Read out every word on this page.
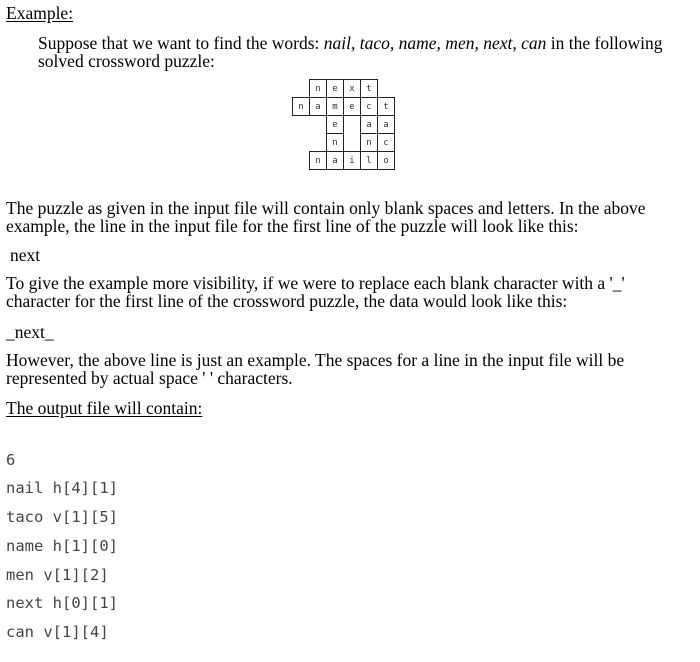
Example:
Suppose that we want to find the words: nail, taco, name, men, next, can in the following
solved crossword puzzle:
	n	e	x	t	
n	a	m	e	c	t
		e		a	a
		n		n	c
	n	a	i	l	o
The puzzle as given in the input file will contain only blank spaces and letters. In the above
example, the line in the input file for the first line of the puzzle will look like this:
next
To give the example more visibility, if we were to replace each blank character with a '_'
character for the first line of the crossword puzzle, the data would look like this:
_next_
However, the above line is just an example. The spaces for a line in the input file will be
represented by actual space ' ' characters.
The output file will contain:
6
nail h[4][1]
taco v[1][5]
name h[1][0]
men v[1][2]
next h[0][1]
can v[1][4]
